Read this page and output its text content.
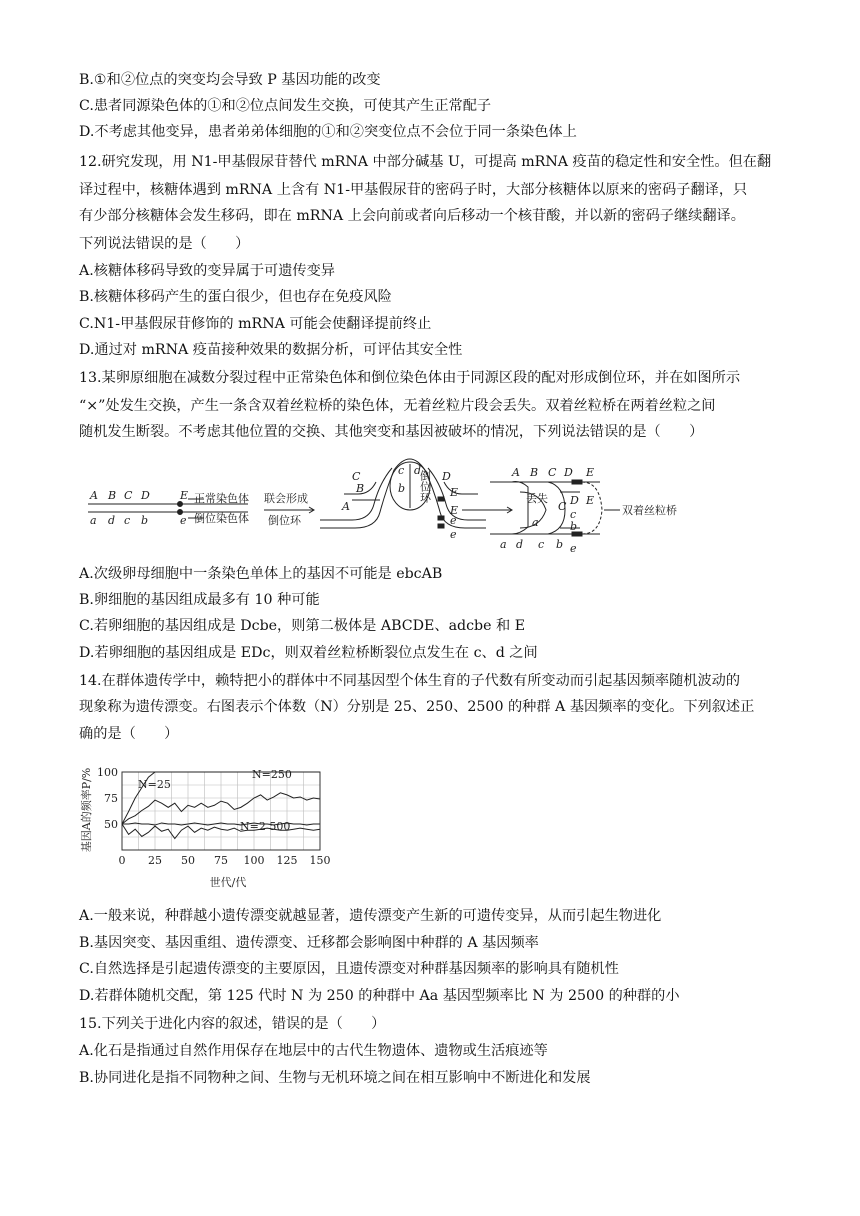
B.①和②位点的突变均会导致 P 基因功能的改变
C.患者同源染色体的①和②位点间发生交换，可使其产生正常配子
D.不考虑其他变异，患者弟弟体细胞的①和②突变位点不会位于同一条染色体上
12.研究发现，用 N1-甲基假尿苷替代 mRNA 中部分碱基 U，可提高 mRNA 疫苗的稳定性和安全性。但在翻
译过程中，核糖体遇到 mRNA 上含有 N1-甲基假尿苷的密码子时，大部分核糖体以原来的密码子翻译，只
有少部分核糖体会发生移码，即在 mRNA 上会向前或者向后移动一个核苷酸，并以新的密码子继续翻译。
下列说法错误的是（　　）
A.核糖体移码导致的变异属于可遗传变异
B.核糖体移码产生的蛋白很少，但也存在免疫风险
C.N1-甲基假尿苷修饰的 mRNA 可能会使翻译提前终止
D.通过对 mRNA 疫苗接种效果的数据分析，可评估其安全性
13.某卵原细胞在减数分裂过程中正常染色体和倒位染色体由于同源区段的配对形成倒位环，并在如图所示
“×”处发生交换，产生一条含双着丝粒桥的染色体，无着丝粒片段会丢失。双着丝粒桥在两着丝粒之间
随机发生断裂。不考虑其他位置的交换、其他突变和基因被破坏的情况，下列说法错误的是（　　）
A.次级卵母细胞中一条染色单体上的基因不可能是 ebcAB
B.卵细胞的基因组成最多有 10 种可能
C.若卵细胞的基因组成是 Dcbe，则第二极体是 ABCDE、adcbe 和 E
D.若卵细胞的基因组成是 EDc，则双着丝粒桥断裂位点发生在 c、d 之间
14.在群体遗传学中，赖特把小的群体中不同基因型个体生育的子代数有所变动而引起基因频率随机波动的
现象称为遗传漂变。右图表示个体数（N）分别是 25、250、2500 的种群 A 基因频率的变化。下列叙述正
确的是（　　）
A.一般来说，种群越小遗传漂变就越显著，遗传漂变产生新的可遗传变异，从而引起生物进化
B.基因突变、基因重组、遗传漂变、迁移都会影响图中种群的 A 基因频率
C.自然选择是引起遗传漂变的主要原因，且遗传漂变对种群基因频率的影响具有随机性
D.若群体随机交配，第 125 代时 N 为 250 的种群中 Aa 基因型频率比 N 为 2500 的种群的小
15.下列关于进化内容的叙述，错误的是（　　）
A.化石是指通过自然作用保存在地层中的古代生物遗体、遗物或生活痕迹等
B.协同进化是指不同物种之间、生物与无机环境之间在相互影响中不断进化和发展
A B C D	E
a d c b	e
C
B
A
c
b
d D
E
E
e
e
A B C D E
C D E
c
b
e
a d c b
a
正常染色体
倒位染色体
联会形成
倒位环
丢失
双着丝粒桥
倒位环
0 25 50 75 100 125 150
50
75
100
世代/代
基因A的频率P/%	N=25
N=250
N=2 500
